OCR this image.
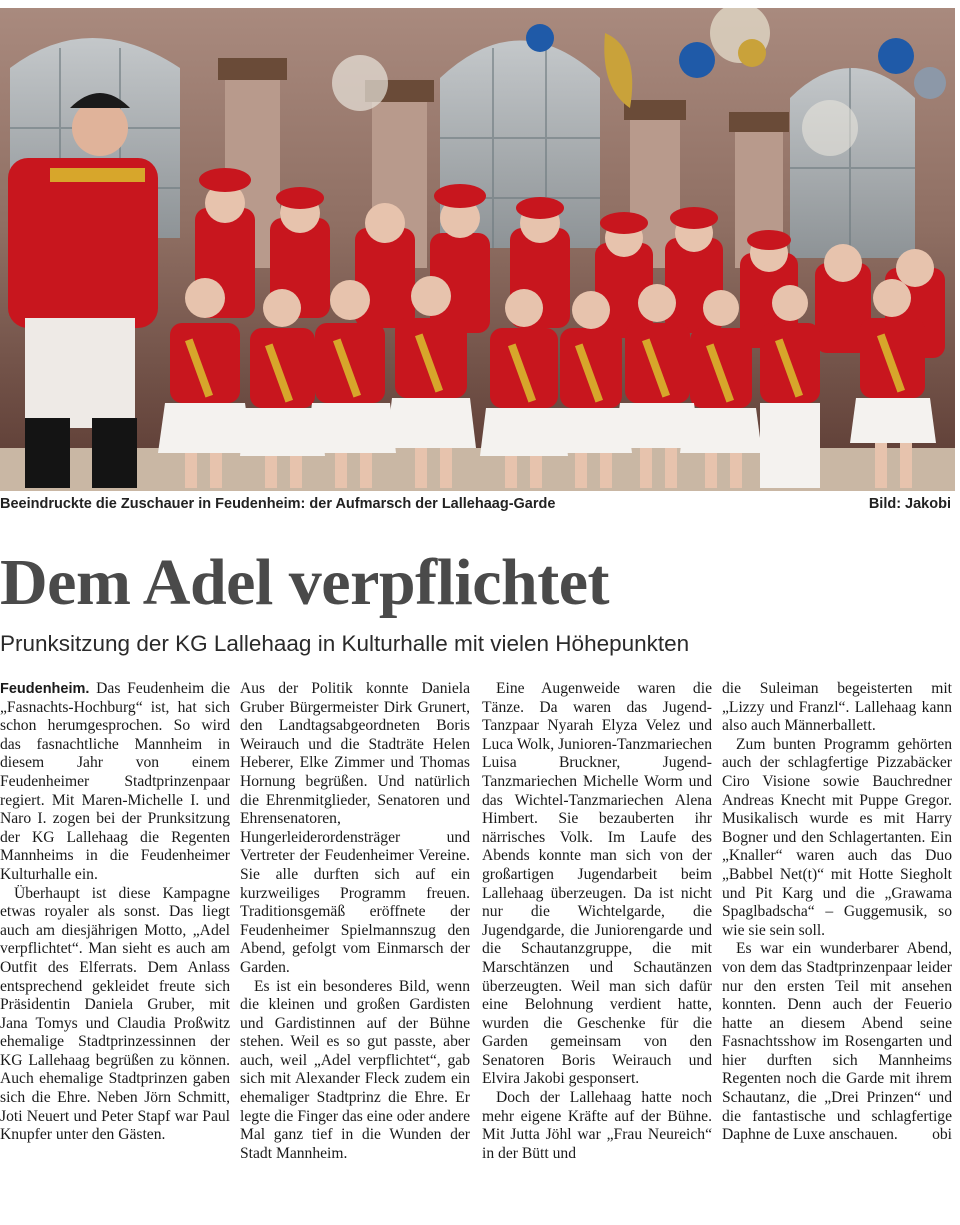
Beeindruckte die Zuschauer in Feudenheim: der Aufmarsch der Lallehaag-Garde	Bild: Jakobi
Dem Adel verpflichtet
Prunksitzung der KG Lallehaag in Kulturhalle mit vielen Höhepunkten

Feudenheim. Das Feudenheim die „Fasnachts-Hochburg“ ist, hat sich schon herumgesprochen. So wird das fasnachtliche Mannheim in diesem Jahr von einem Feudenheimer Stadtprinzenpaar regiert. Mit Maren-Michelle I. und Naro I. zogen bei der Prunksitzung der KG Lallehaag die Regenten Mannheims in die Feudenheimer Kulturhalle ein.

Überhaupt ist diese Kampagne etwas royaler als sonst. Das liegt auch am diesjährigen Motto, „Adel verpflichtet“. Man sieht es auch am Outfit des Elferrats. Dem Anlass entsprechend gekleidet freute sich Präsidentin Daniela Gruber, mit Jana Tomys und Claudia Proßwitz ehemalige Stadtprinzessinnen der KG Lallehaag begrüßen zu können. Auch ehemalige Stadtprinzen gaben sich die Ehre. Neben Jörn Schmitt, Joti Neuert und Peter Stapf war Paul Knupfer unter den Gästen.

Aus der Politik konnte Daniela Gruber Bürgermeister Dirk Grunert, den Landtagsabgeordneten Boris Weirauch und die Stadträte Helen Heberer, Elke Zimmer und Thomas Hornung begrüßen. Und natürlich die Ehrenmitglieder, Senatoren und Ehrensenatoren, Hungerleiderordensträger und Vertreter der Feudenheimer Vereine. Sie alle durften sich auf ein kurzweiliges Programm freuen. Traditionsgemäß eröffnete der Feudenheimer Spielmannszug den Abend, gefolgt vom Einmarsch der Garden.

Es ist ein besonderes Bild, wenn die kleinen und großen Gardisten und Gardistinnen auf der Bühne stehen. Weil es so gut passte, aber auch, weil „Adel verpflichtet“, gab sich mit Alexander Fleck zudem ein ehemaliger Stadtprinz die Ehre. Er legte die Finger das eine oder andere Mal ganz tief in die Wunden der Stadt Mannheim.

Eine Augenweide waren die Tänze. Da waren das Jugend-Tanzpaar Nyarah Elyza Velez und Luca Wolk, Junioren-Tanzmariechen Luisa Bruckner, Jugend-Tanzmariechen Michelle Worm und das Wichtel-Tanzmariechen Alena Himbert. Sie bezauberten ihr närrisches Volk. Im Laufe des Abends konnte man sich von der großartigen Jugendarbeit beim Lallehaag überzeugen. Da ist nicht nur die Wichtelgarde, die Jugendgarde, die Juniorengarde und die Schautanzgruppe, die mit Marschtänzen und Schautänzen überzeugten. Weil man sich dafür eine Belohnung verdient hatte, wurden die Geschenke für die Garden gemeinsam von den Senatoren Boris Weirauch und Elvira Jakobi gesponsert.

Doch der Lallehaag hatte noch mehr eigene Kräfte auf der Bühne. Mit Jutta Jöhl war „Frau Neureich“ in der Bütt und

die Suleiman begeisterten mit „Lizzy und Franzl“. Lallehaag kann also auch Männerballett.

Zum bunten Programm gehörten auch der schlagfertige Pizzabäcker Ciro Visione sowie Bauchredner Andreas Knecht mit Puppe Gregor. Musikalisch wurde es mit Harry Bogner und den Schlagertanten. Ein „Knaller“ waren auch das Duo „Babbel Net(t)“ mit Hotte Siegholt und Pit Karg und die „Grawama Spaglbadscha“ – Guggemusik, so wie sie sein soll.

Es war ein wunderbarer Abend, von dem das Stadtprinzenpaar leider nur den ersten Teil mit ansehen konnten. Denn auch der Feuerio hatte an diesem Abend seine Fasnachtsshow im Rosengarten und hier durften sich Mannheims Regenten noch die Garde mit ihrem Schautanz, die „Drei Prinzen“ und die fantastische und schlagfertige Daphne de Luxe anschauen.	obi
